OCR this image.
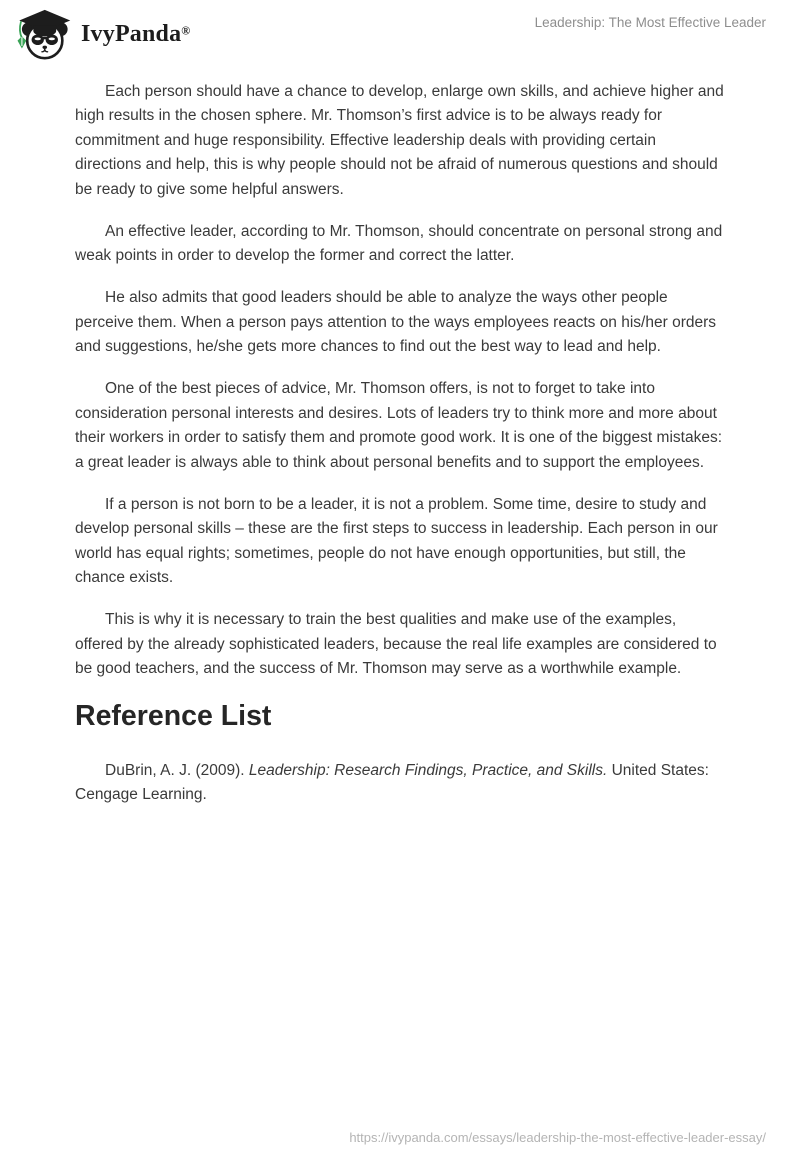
IvyPanda®
Leadership: The Most Effective Leader

Each person should have a chance to develop, enlarge own skills, and achieve higher and high results in the chosen sphere. Mr. Thomson’s first advice is to be always ready for commitment and huge responsibility. Effective leadership deals with providing certain directions and help, this is why people should not be afraid of numerous questions and should be ready to give some helpful answers.

An effective leader, according to Mr. Thomson, should concentrate on personal strong and weak points in order to develop the former and correct the latter.

He also admits that good leaders should be able to analyze the ways other people perceive them. When a person pays attention to the ways employees reacts on his/her orders and suggestions, he/she gets more chances to find out the best way to lead and help.

One of the best pieces of advice, Mr. Thomson offers, is not to forget to take into consideration personal interests and desires. Lots of leaders try to think more and more about their workers in order to satisfy them and promote good work. It is one of the biggest mistakes: a great leader is always able to think about personal benefits and to support the employees.

If a person is not born to be a leader, it is not a problem. Some time, desire to study and develop personal skills – these are the first steps to success in leadership. Each person in our world has equal rights; sometimes, people do not have enough opportunities, but still, the chance exists.

This is why it is necessary to train the best qualities and make use of the examples, offered by the already sophisticated leaders, because the real life examples are considered to be good teachers, and the success of Mr. Thomson may serve as a worthwhile example.

Reference List

DuBrin, A. J. (2009). Leadership: Research Findings, Practice, and Skills. United States: Cengage Learning.

https://ivypanda.com/essays/leadership-the-most-effective-leader-essay/
